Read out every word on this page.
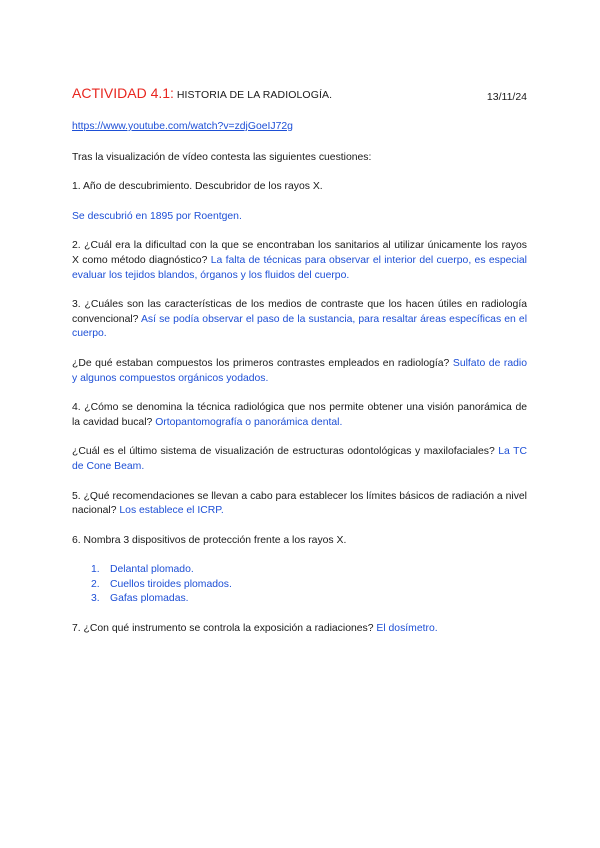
ACTIVIDAD 4.1: HISTORIA DE LA RADIOLOGÍA.	13/11/24
https://www.youtube.com/watch?v=zdjGoeIJ72g

Tras la visualización de vídeo contesta las siguientes cuestiones:

1. Año de descubrimiento. Descubridor de los rayos X.

Se descubrió en 1895 por Roentgen.

2. ¿Cuál era la dificultad con la que se encontraban los sanitarios al utilizar únicamente los rayos X como método diagnóstico? La falta de técnicas para observar el interior del cuerpo, es especial evaluar los tejidos blandos, órganos y los fluidos del cuerpo.

3. ¿Cuáles son las características de los medios de contraste que los hacen útiles en radiología convencional? Así se podía observar el paso de la sustancia, para resaltar áreas específicas en el cuerpo.

¿De qué estaban compuestos los primeros contrastes empleados en radiología? Sulfato de radio y algunos compuestos orgánicos yodados.

4. ¿Cómo se denomina la técnica radiológica que nos permite obtener una visión panorámica de la cavidad bucal? Ortopantomografía o panorámica dental.

¿Cuál es el último sistema de visualización de estructuras odontológicas y maxilofaciales? La TC de Cone Beam.

5. ¿Qué recomendaciones se llevan a cabo para establecer los límites básicos de radiación a nivel nacional? Los establece el ICRP.

6. Nombra 3 dispositivos de protección frente a los rayos X.

1. Delantal plomado.
2. Cuellos tiroides plomados.
3. Gafas plomadas.

7. ¿Con qué instrumento se controla la exposición a radiaciones? El dosímetro.
